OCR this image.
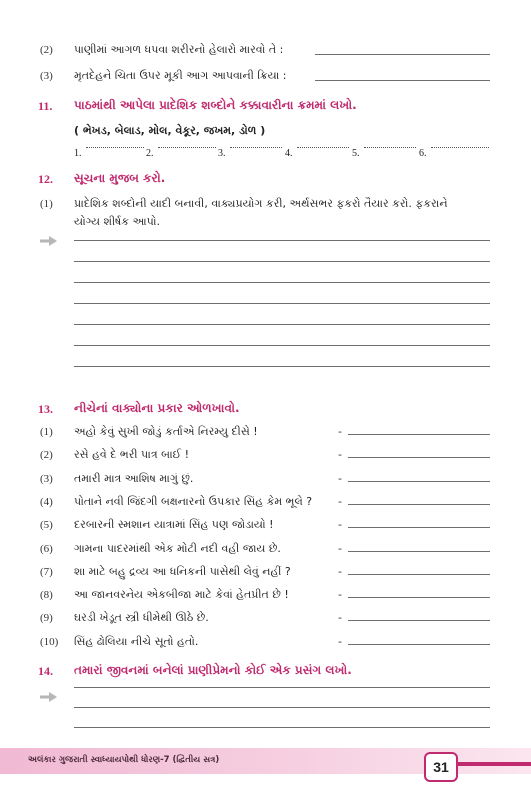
(2) પાણીમાં આગળ ધપવા શરીરનો હેલારો મારવો તે :
(3) મૃતદેહને ચિતા ઉપર મૂકી આગ આપવાની ક્રિયા :
11. પાઠમાંથી આપેલા પ્રાદેશિક શબ્દોને કક્કાવારીના ક્રમમાં લખો.
( ભેખડ, બેલાડ, મોલ, વેકૂર, જખમ, ડોળ )
1.	2.	3.	4.	5.	6.
12. સૂચના મુજબ કરો.
(1) પ્રાદેશિક શબ્દોની યાદી બનાવી, વાક્યપ્રયોગ કરી, અર્થસભર ફકરો તૈયાર કરો. ફકરાને
યોગ્ય શીર્ષક આપો.
13. નીચેનાં વાક્યોના પ્રકાર ઓળખાવો.
(1) અહો કેવું સુખી જોડું કર્તાએ નિરમ્યુ દીસે !	-
(2) રસે હવે દે ભરી પાત્ર બાઈ !	-
(3) તમારી માત્ર આશિષ માગું છું.	-
(4) પોતાને નવી જિંદગી બક્ષનારનો ઉપકાર સિંહ કેમ ભૂલે ? -
(5) દરબારની સ્મશાન યાત્રામાં સિંહ પણ જોડાયો !	-
(6) ગામના પાદરમાંથી એક મોટી નદી વહી જાય છે.	-
(7) શા માટે બહુ દ્રવ્ય આ ધનિકની પાસેથી લેવું નહીં ?	-
(8) આ જાનવરનેય એકબીજા માટે કેવાં હેતપ્રીત છે !	-
(9) ઘરડી ખેડૂત સ્ત્રી ધીમેથી ઊઠે છે.	-
(10) સિંહ ઢોલિયા નીચે સૂતો હતો.	-
14. તમારાં જીવનમાં બનેલાં પ્રાણીપ્રેમનો કોઈ એક પ્રસંગ લખો.
અલંકાર ગુજરાતી સ્વાધ્યાયપોથી ધોરણ-7 (દ્વિતીય સત્ર)	31
